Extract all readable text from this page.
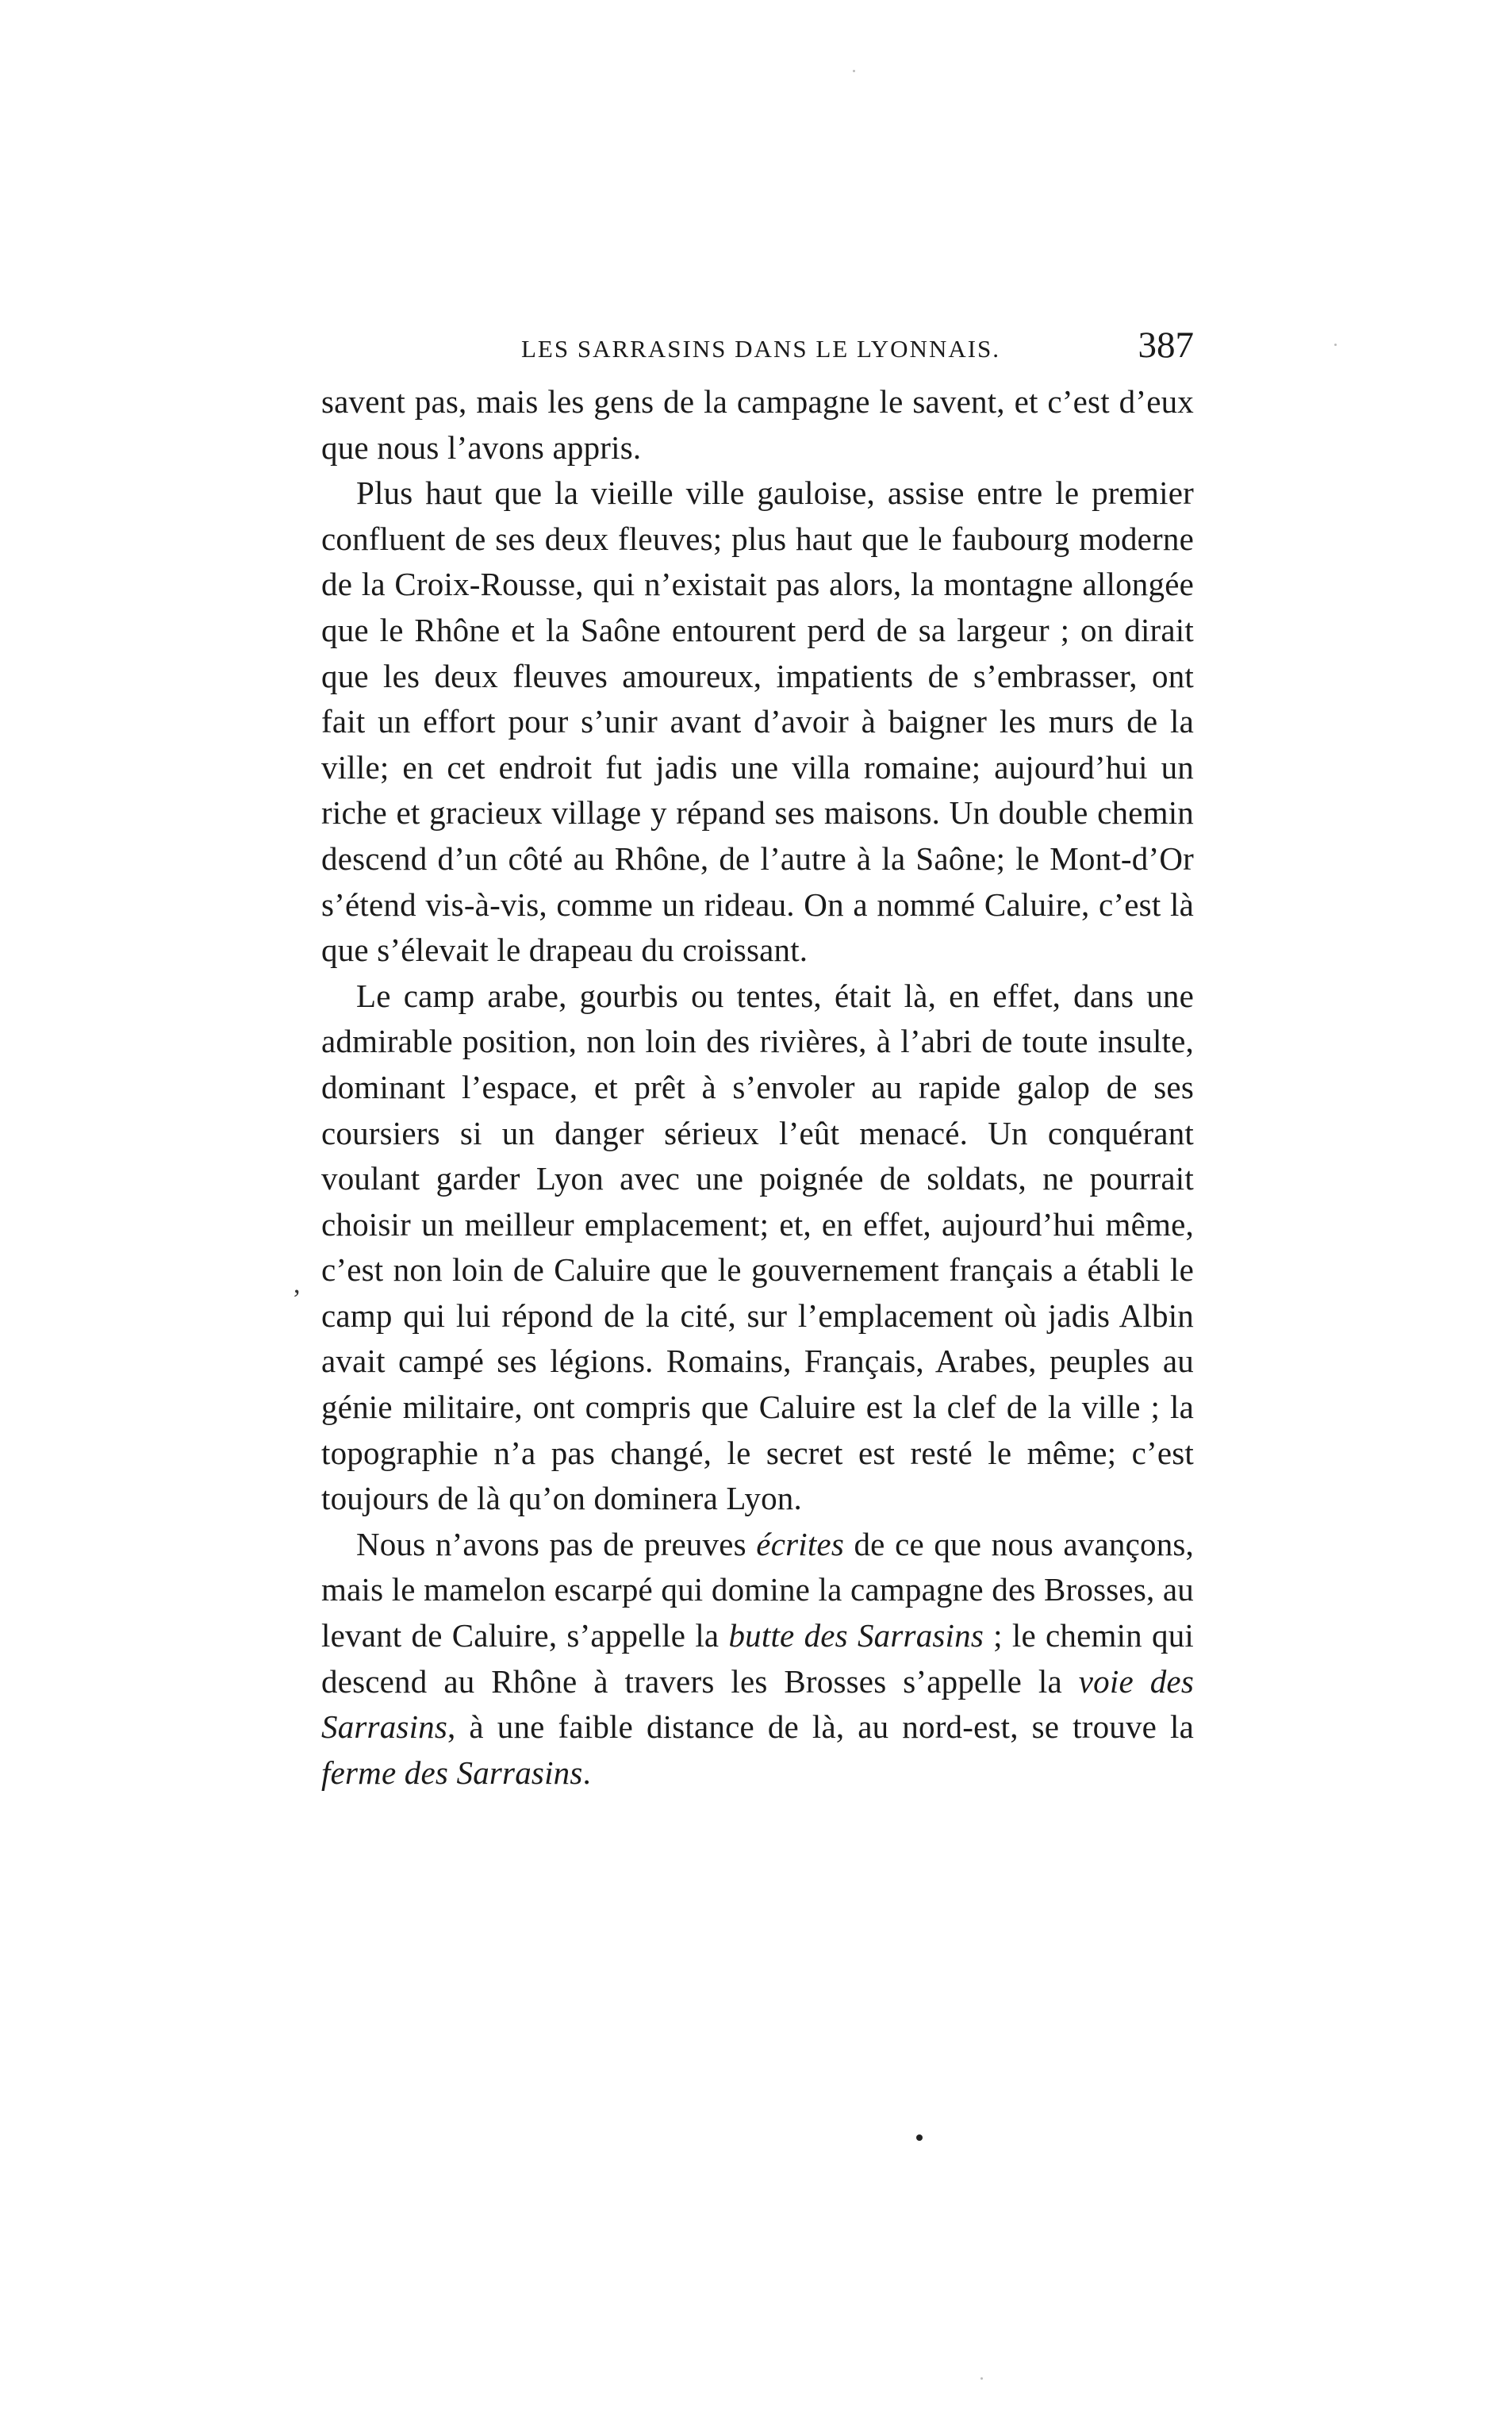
LES SARRASINS DANS LE LYONNAIS.	387

savent pas, mais les gens de la campagne le savent, et c’est d’eux que nous l’avons appris.

Plus haut que la vieille ville gauloise, assise entre le premier confluent de ses deux fleuves; plus haut que le faubourg moderne de la Croix-Rousse, qui n’existait pas alors, la montagne allongée que le Rhône et la Saône entourent perd de sa largeur ; on dirait que les deux fleuves amoureux, impatients de s’embrasser, ont fait un effort pour s’unir avant d’avoir à baigner les murs de la ville; en cet endroit fut jadis une villa romaine; aujourd’hui un riche et gracieux village y répand ses maisons. Un double chemin descend d’un côté au Rhône, de l’autre à la Saône; le Mont-d’Or s’étend vis-à-vis, comme un rideau. On a nommé Caluire, c’est là que s’élevait le drapeau du croissant.

Le camp arabe, gourbis ou tentes, était là, en effet, dans une admirable position, non loin des rivières, à l’abri de toute insulte, dominant l’espace, et prêt à s’envoler au rapide galop de ses coursiers si un danger sérieux l’eût menacé. Un conquérant voulant garder Lyon avec une poignée de soldats, ne pourrait choisir un meilleur emplacement; et, en effet, aujourd’hui même, c’est non loin de Caluire que le gouvernement français a établi le camp qui lui répond de la cité, sur l’emplacement où jadis Albin avait campé ses légions. Romains, Français, Arabes, peuples au génie militaire, ont compris que Caluire est la clef de la ville ; la topographie n’a pas changé, le secret est resté le même; c’est toujours de là qu’on dominera Lyon.

Nous n’avons pas de preuves écrites de ce que nous avançons, mais le mamelon escarpé qui domine la campagne des Brosses, au levant de Caluire, s’appelle la butte des Sarrasins ; le chemin qui descend au Rhône à travers les Brosses s’appelle la voie des Sarrasins, à une faible distance de là, au nord-est, se trouve la ferme des Sarrasins.

,
